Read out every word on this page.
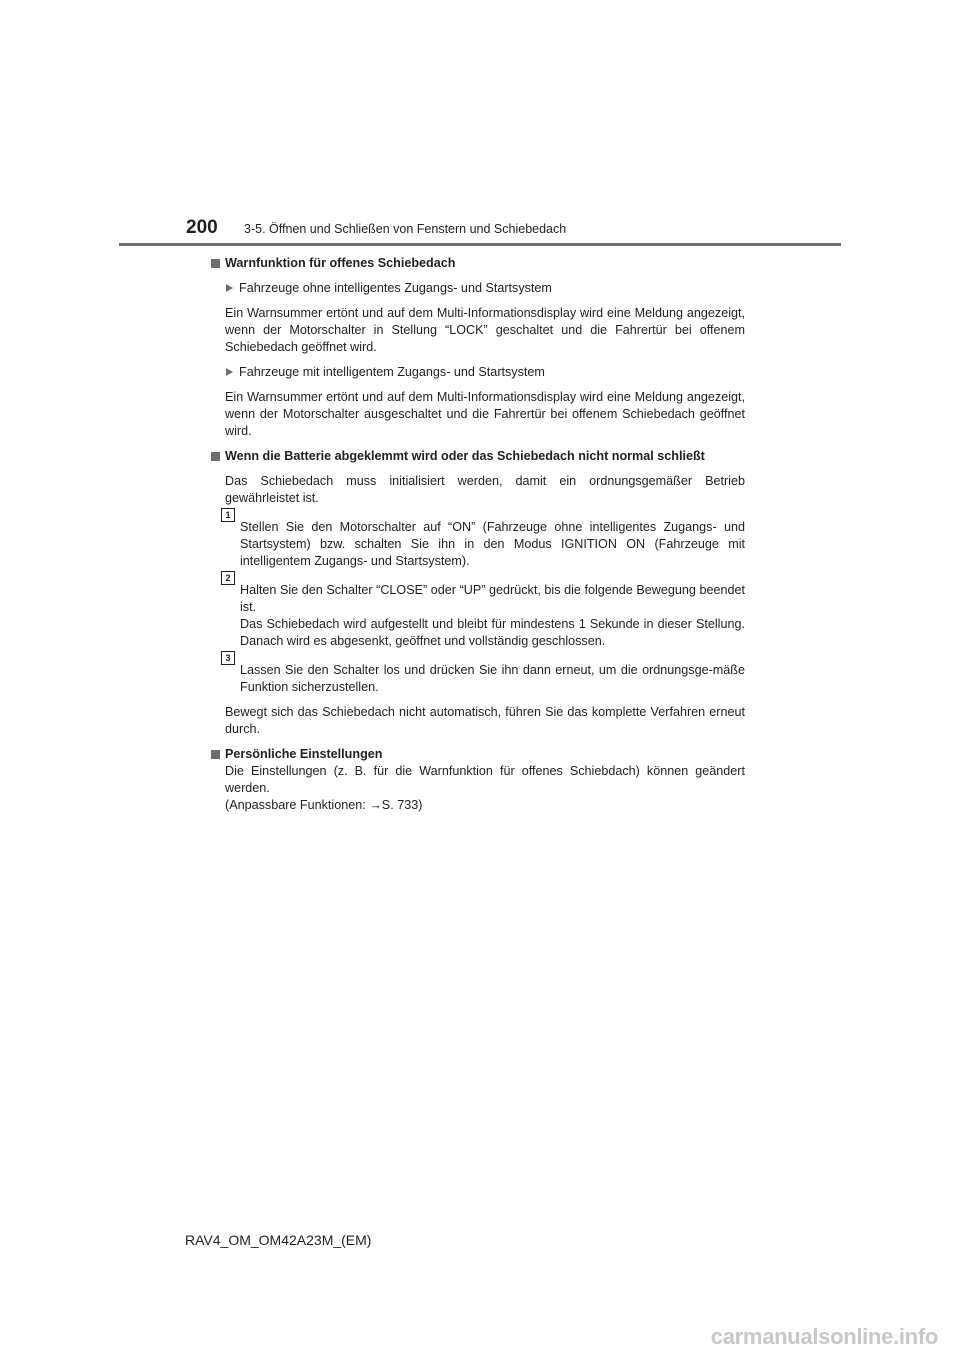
200 3-5. Öffnen und Schließen von Fenstern und Schiebedach
Warnfunktion für offenes Schiebedach
Fahrzeuge ohne intelligentes Zugangs- und Startsystem

Ein Warnsummer ertönt und auf dem Multi-Informationsdisplay wird eine Meldung angezeigt, wenn der Motorschalter in Stellung “LOCK” geschaltet und die Fahrertür bei offenem Schiebedach geöffnet wird.

Fahrzeuge mit intelligentem Zugangs- und Startsystem

Ein Warnsummer ertönt und auf dem Multi-Informationsdisplay wird eine Meldung angezeigt, wenn der Motorschalter ausgeschaltet und die Fahrertür bei offenem Schiebedach geöffnet wird.

Wenn die Batterie abgeklemmt wird oder das Schiebedach nicht normal schließt

Das Schiebedach muss initialisiert werden, damit ein ordnungsgemäßer Betrieb gewährleistet ist.

1
Stellen Sie den Motorschalter auf “ON” (Fahrzeuge ohne intelligentes Zugangs- und Startsystem) bzw. schalten Sie ihn in den Modus IGNITION ON (Fahrzeuge mit intelligentem Zugangs- und Startsystem).
2
Halten Sie den Schalter “CLOSE” oder “UP” gedrückt, bis die folgende Bewegung beendet ist.
Das Schiebedach wird aufgestellt und bleibt für mindestens 1 Sekunde in dieser Stellung. Danach wird es abgesenkt, geöffnet und vollständig geschlossen.
3
Lassen Sie den Schalter los und drücken Sie ihn dann erneut, um die ordnungsge-mäße Funktion sicherzustellen.

Bewegt sich das Schiebedach nicht automatisch, führen Sie das komplette Verfahren erneut durch.

Persönliche Einstellungen

Die Einstellungen (z. B. für die Warnfunktion für offenes Schiebdach) können geändert werden.

(Anpassbare Funktionen: →S. 733)

RAV4_OM_OM42A23M_(EM)
carmanualsonline.info
